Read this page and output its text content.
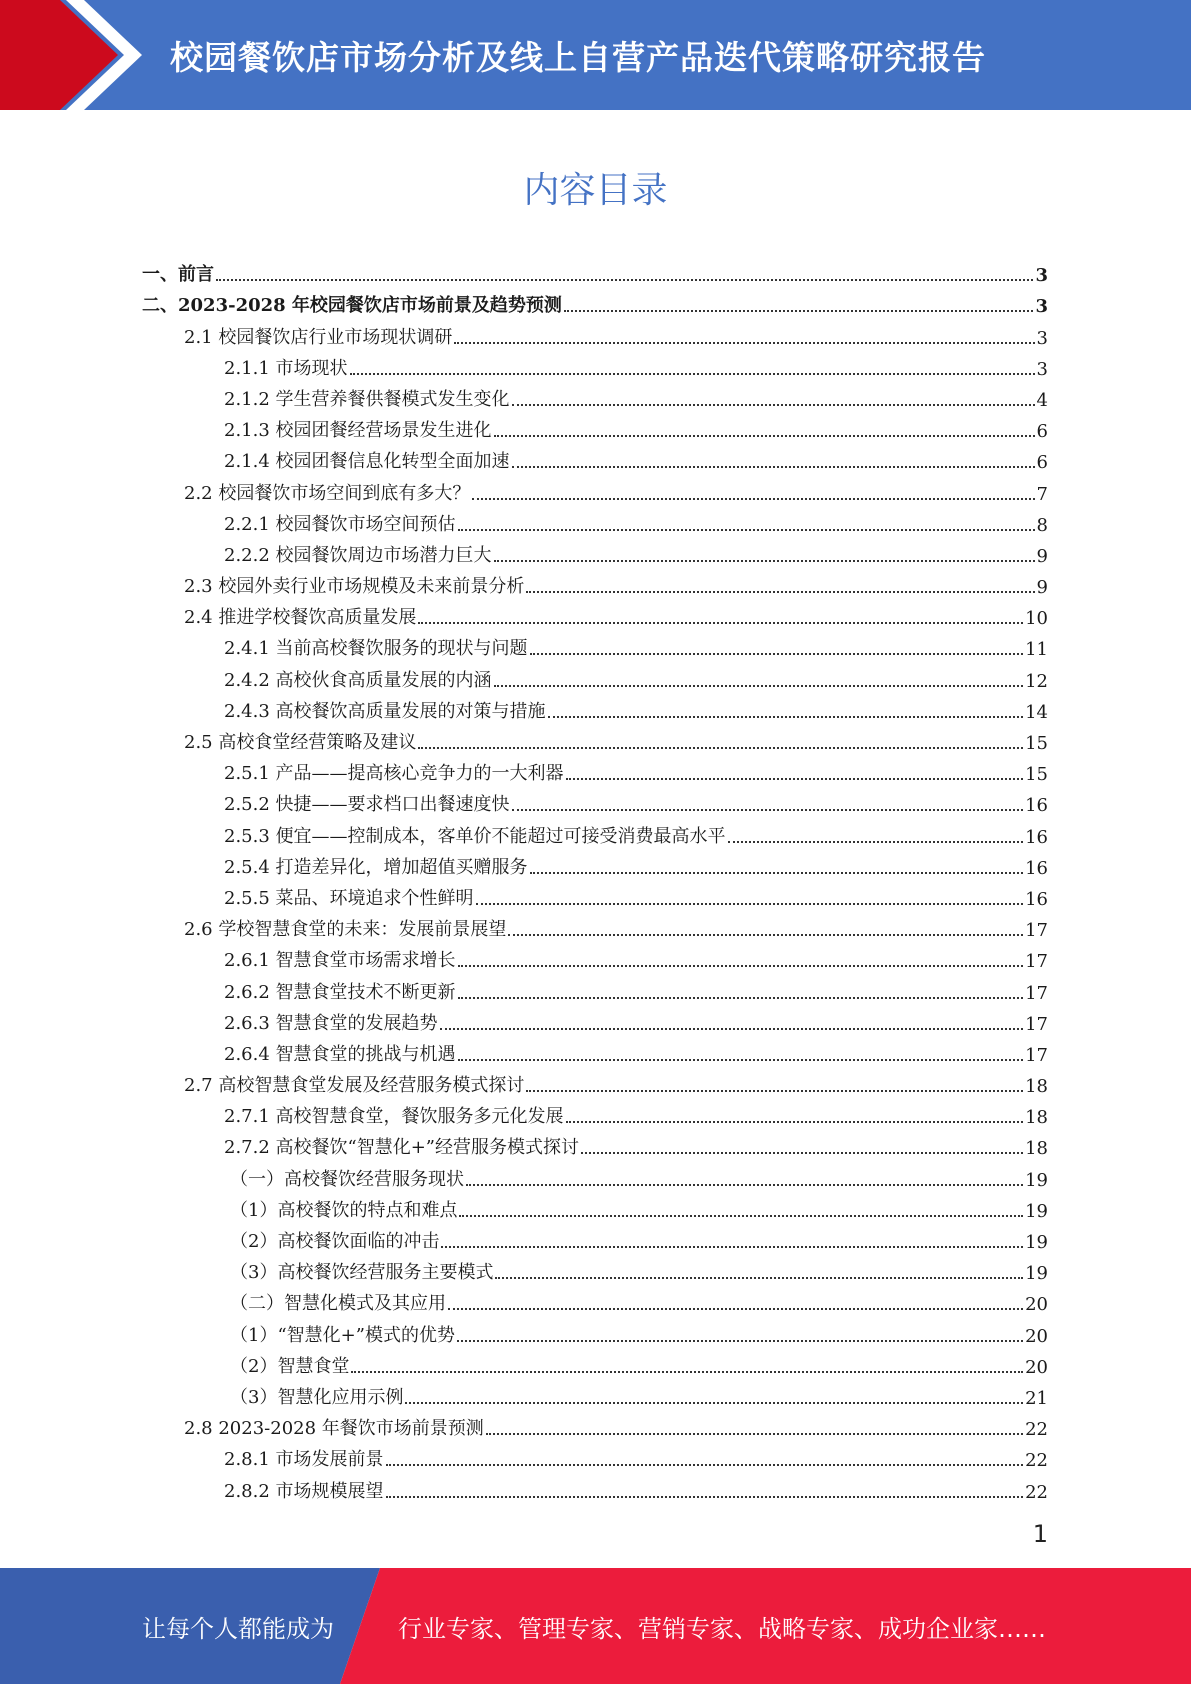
校园餐饮店市场分析及线上自营产品迭代策略研究报告
内容目录
一、前言	3
二、2023-2028 年校园餐饮店市场前景及趋势预测	3
2.1 校园餐饮店行业市场现状调研	3
2.1.1 市场现状	3
2.1.2 学生营养餐供餐模式发生变化	4
2.1.3 校园团餐经营场景发生进化	6
2.1.4 校园团餐信息化转型全面加速	6
2.2 校园餐饮市场空间到底有多大？	7
2.2.1 校园餐饮市场空间预估	8
2.2.2 校园餐饮周边市场潜力巨大	9
2.3 校园外卖行业市场规模及未来前景分析	9
2.4 推进学校餐饮高质量发展	10
2.4.1 当前高校餐饮服务的现状与问题	11
2.4.2 高校伙食高质量发展的内涵	12
2.4.3 高校餐饮高质量发展的对策与措施	14
2.5 高校食堂经营策略及建议	15
2.5.1 产品——提高核心竞争力的一大利器	15
2.5.2 快捷——要求档口出餐速度快	16
2.5.3 便宜——控制成本，客单价不能超过可接受消费最高水平	16
2.5.4 打造差异化，增加超值买赠服务	16
2.5.5 菜品、环境追求个性鲜明	16
2.6 学校智慧食堂的未来：发展前景展望	17
2.6.1 智慧食堂市场需求增长	17
2.6.2 智慧食堂技术不断更新	17
2.6.3 智慧食堂的发展趋势	17
2.6.4 智慧食堂的挑战与机遇	17
2.7 高校智慧食堂发展及经营服务模式探讨	18
2.7.1 高校智慧食堂，餐饮服务多元化发展	18
2.7.2 高校餐饮“智慧化+”经营服务模式探讨	18
（一）高校餐饮经营服务现状	19
（1）高校餐饮的特点和难点	19
（2）高校餐饮面临的冲击	19
（3）高校餐饮经营服务主要模式	19
（二）智慧化模式及其应用	20
（1）“智慧化+”模式的优势	20
（2）智慧食堂	20
（3）智慧化应用示例	21
2.8 2023-2028 年餐饮市场前景预测	22
2.8.1 市场发展前景	22
2.8.2 市场规模展望	22
1
让每个人都能成为	行业专家、管理专家、营销专家、战略专家、成功企业家……
